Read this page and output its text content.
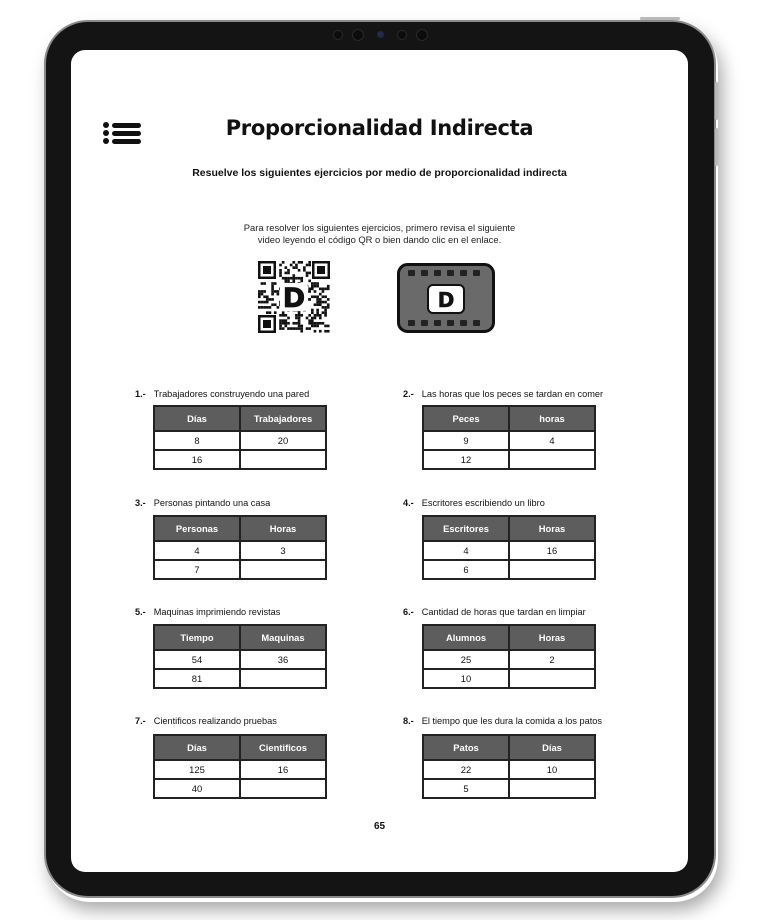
Proporcionalidad Indirecta
Resuelve los siguientes ejercicios por medio de proporcionalidad indirecta
Para resolver los siguientes ejercicios, primero revisa el siguiente
video leyendo el código QR o bien dando clic en el enlace.
D	D
1.- Trabajadores construyendo una pared
Días	Trabajadores
8	20
16	
2.- Las horas que los peces se tardan en comer
Peces	horas
9	4
12	
3.- Personas pintando una casa
Personas	Horas
4	3
7	
4.- Escritores escribiendo un libro
Escritores	Horas
4	16
6	
5.- Maquinas imprimiendo revistas
Tiempo	Maquinas
54	36
81	
6.- Cantidad de horas que tardan en limpiar
Alumnos	Horas
25	2
10	
7.- Cientificos realizando pruebas
Días	Cientificos
125	16
40	
8.- El tiempo que les dura la comida a los patos
Patos	Días
22	10
5	
65
